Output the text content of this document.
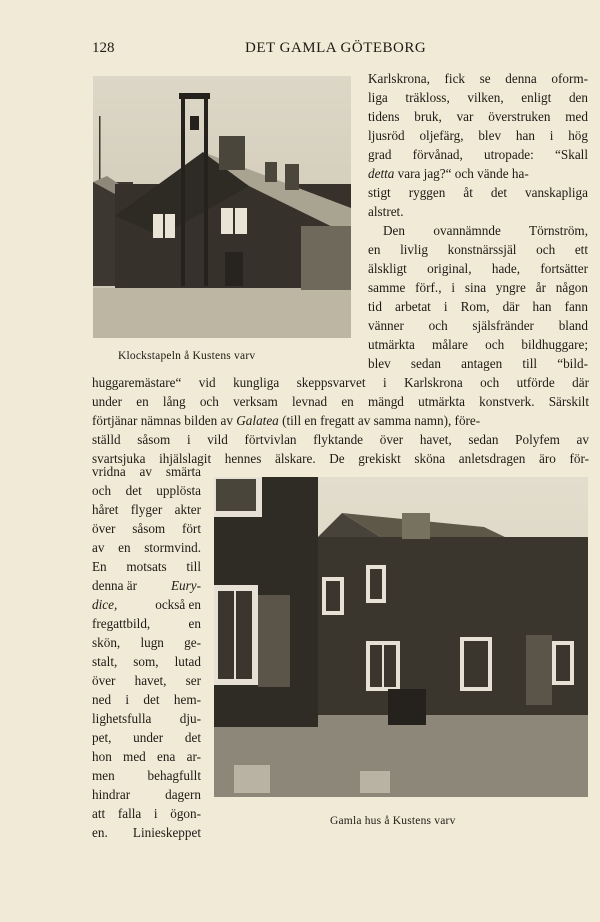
128	DET GAMLA GÖTEBORG
Klockstapeln å Kustens varv
Karlskrona, fick se denna oform-
liga träkloss, vilken, enligt den
tidens bruk, var överstruken med
ljusröd oljefärg, blev han i hög
grad förvånad, utropade: “Skall
detta vara jag?“ och vände ha-
stigt ryggen åt det vanskapliga
alstret.
Den ovannämnde Törnström,
en livlig konstnärssjäl och ett
älskligt original, hade, fortsätter
samme förf., i sina yngre år någon
tid arbetat i Rom, där han fann
vänner och själsfränder bland
utmärkta målare och bildhuggare;
blev sedan antagen till “bild-
huggaremästare“ vid kungliga skeppsvarvet i Karlskrona och utförde där
under en lång och verksam levnad en mängd utmärkta konstverk. Särskilt
förtjänar nämnas bilden av Galatea (till en fregatt av samma namn), före-
ställd såsom i vild förtvivlan flyktande över havet, sedan Polyfem av
svartsjuka ihjälslagit hennes älskare. De grekiskt sköna anletsdragen äro för-
Gamla hus å Kustens varv
vridna av smärta
och det upplösta
håret flyger akter
över såsom fört
av en stormvind.
En motsats till
denna är	Eury-
dice,	också en
fregattbild, en
skön, lugn ge-
stalt, som, lutad
över havet, ser
ned i det hem-
lighetsfulla dju-
pet, under det
hon med ena ar-
men behagfullt
hindrar dagern
att falla i ögon-
en. Linieskeppet
